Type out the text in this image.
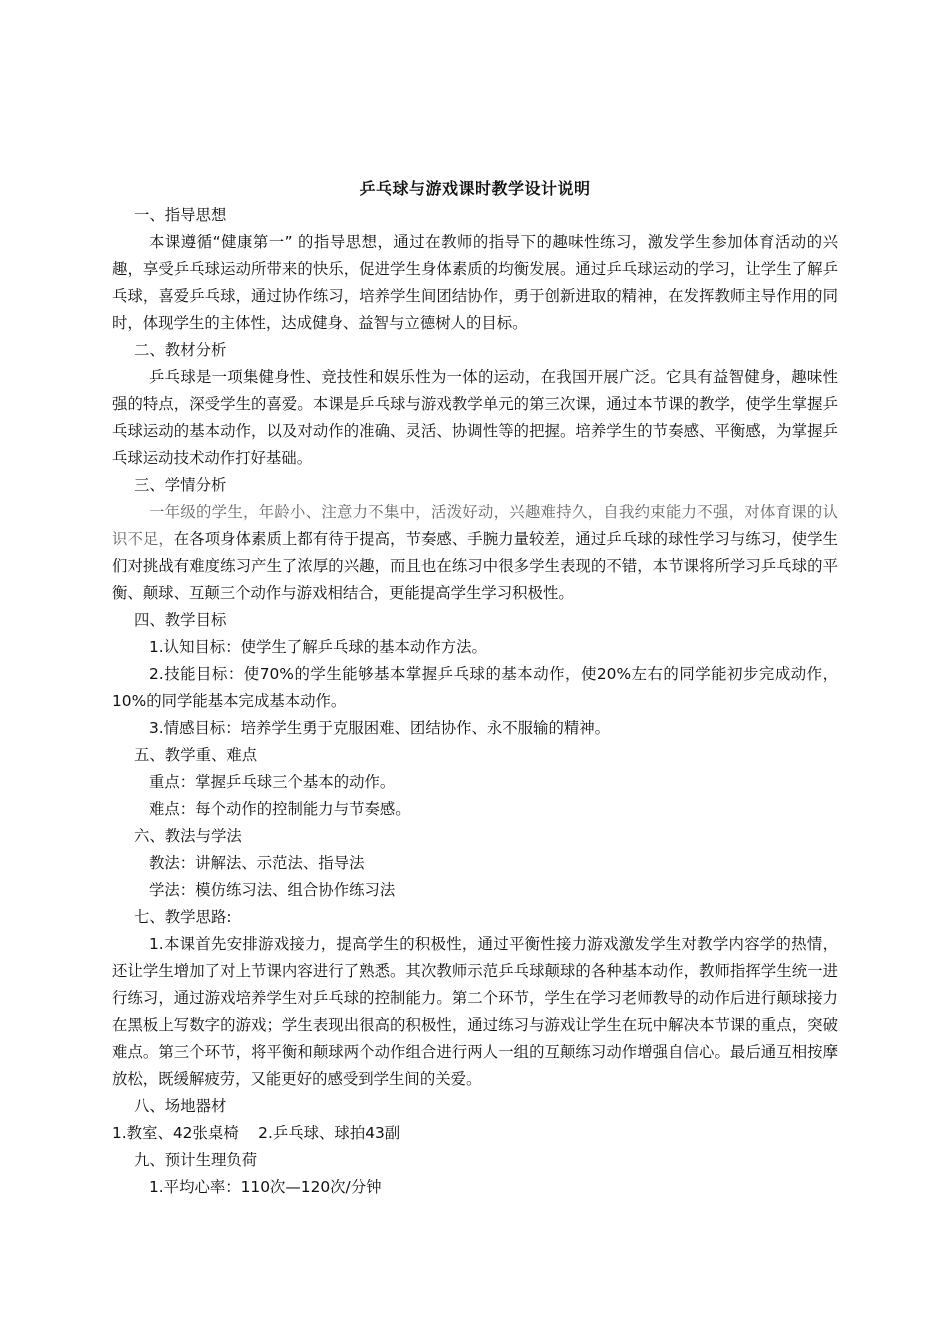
乒乓球与游戏课时教学设计说明

一、指导思想

本课遵循“健康第一” 的指导思想，通过在教师的指导下的趣味性练习，激发学生参加体育活动的兴趣，享受乒乓球运动所带来的快乐，促进学生身体素质的均衡发展。通过乒乓球运动的学习，让学生了解乒乓球，喜爱乒乓球，通过协作练习，培养学生间团结协作，勇于创新进取的精神，在发挥教师主导作用的同时，体现学生的主体性，达成健身、益智与立德树人的目标。

二、教材分析

乒乓球是一项集健身性、竞技性和娱乐性为一体的运动，在我国开展广泛。它具有益智健身，趣味性强的特点，深受学生的喜爱。本课是乒乓球与游戏教学单元的第三次课，通过本节课的教学，使学生掌握乒乓球运动的基本动作，以及对动作的准确、灵活、协调性等的把握。培养学生的节奏感、平衡感，为掌握乒乓球运动技术动作打好基础。

三、学情分析

一年级的学生，年龄小、注意力不集中，活泼好动，兴趣难持久，自我约束能力不强，对体育课的认识不足，在各项身体素质上都有待于提高，节奏感、手腕力量较差，通过乒乓球的球性学习与练习，使学生们对挑战有难度练习产生了浓厚的兴趣，而且也在练习中很多学生表现的不错，本节课将所学习乒乓球的平衡、颠球、互颠三个动作与游戏相结合，更能提高学生学习积极性。

四、教学目标

1.认知目标：使学生了解乒乓球的基本动作方法。

2.技能目标：使70%的学生能够基本掌握乒乓球的基本动作，使20%左右的同学能初步完成动作，10%的同学能基本完成基本动作。

3.情感目标：培养学生勇于克服困难、团结协作、永不服输的精神。

五、教学重、难点

重点：掌握乒乓球三个基本的动作。

难点：每个动作的控制能力与节奏感。

六、教法与学法

教法：讲解法、示范法、指导法

学法：模仿练习法、组合协作练习法

七、教学思路:

1.本课首先安排游戏接力，提高学生的积极性，通过平衡性接力游戏激发学生对教学内容学的热情，还让学生增加了对上节课内容进行了熟悉。其次教师示范乒乓球颠球的各种基本动作，教师指挥学生统一进行练习，通过游戏培养学生对乒乓球的控制能力。第二个环节，学生在学习老师教导的动作后进行颠球接力在黑板上写数字的游戏；学生表现出很高的积极性，通过练习与游戏让学生在玩中解决本节课的重点，突破难点。第三个环节，将平衡和颠球两个动作组合进行两人一组的互颠练习动作增强自信心。最后通互相按摩放松，既缓解疲劳，又能更好的感受到学生间的关爱。

八、场地器材

1.教室、42张桌椅    2.乒乓球、球拍43副

九、预计生理负荷

1.平均心率：110次—120次/分钟
